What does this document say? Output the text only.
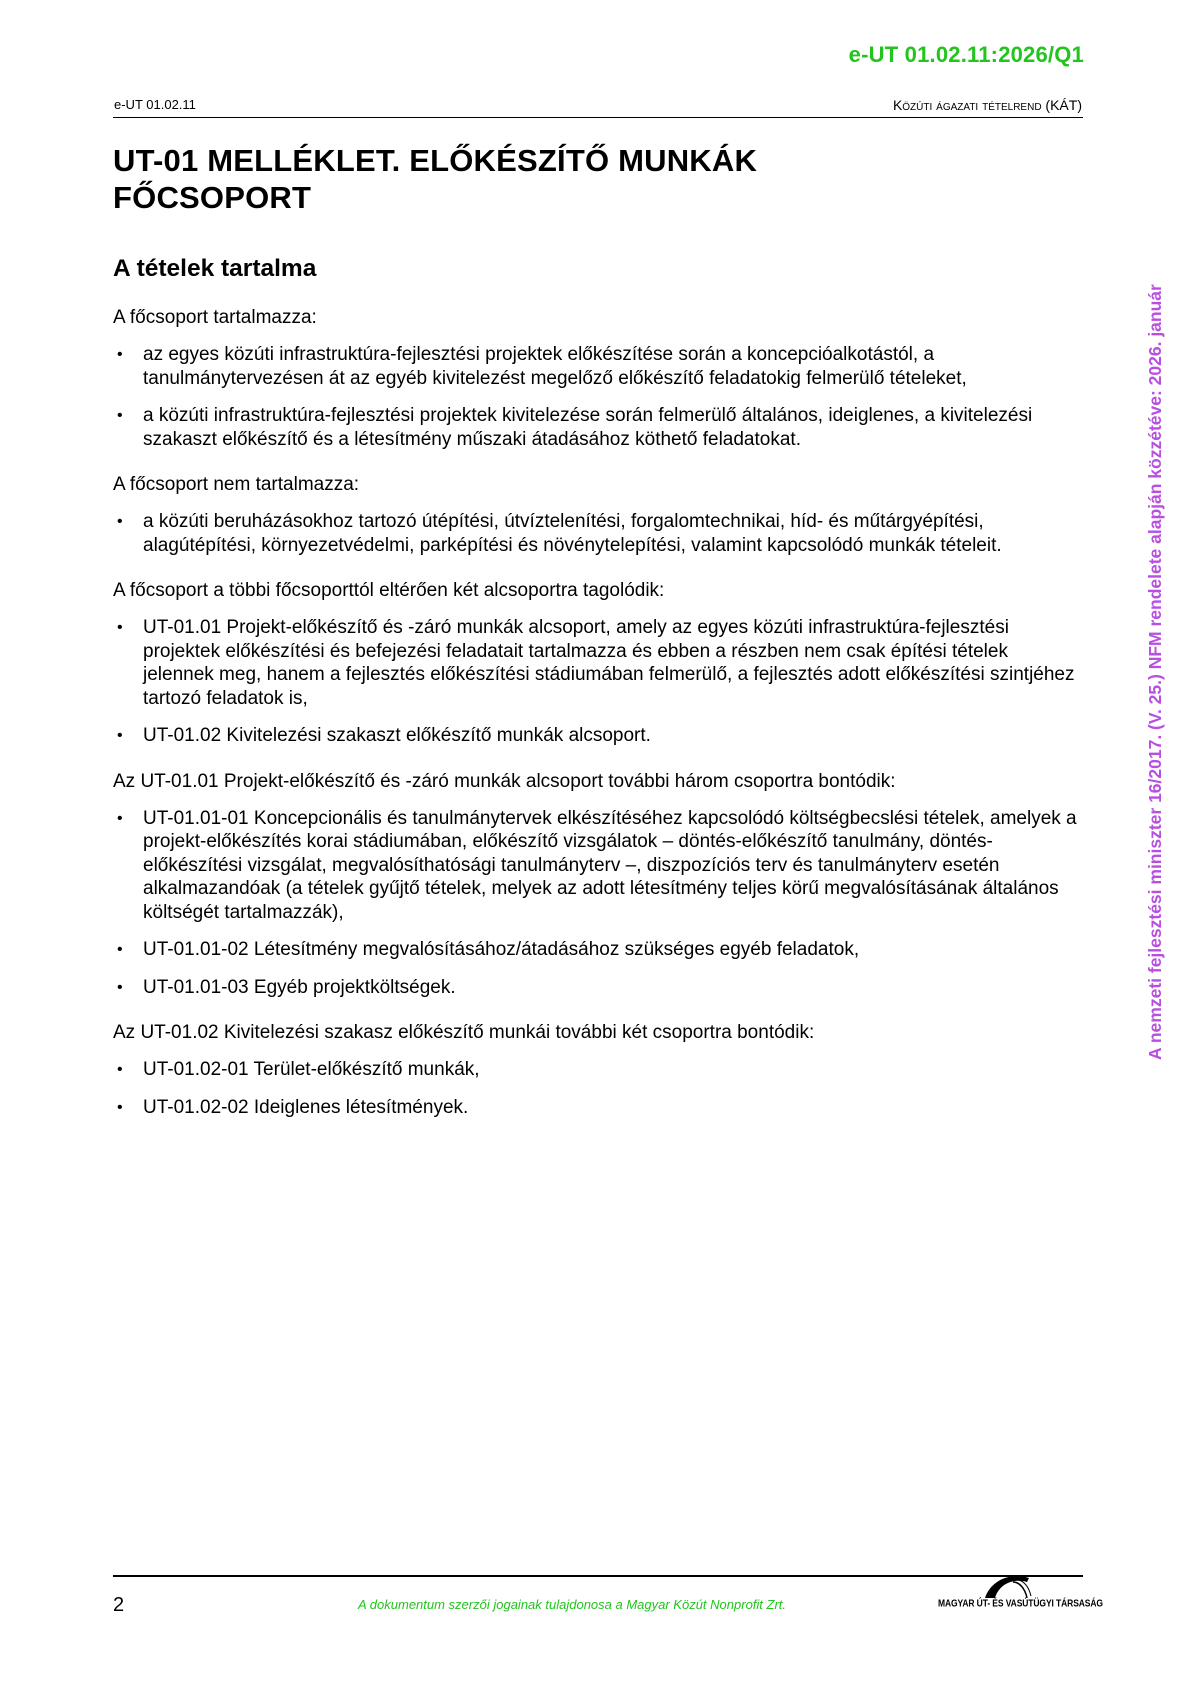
e-UT 01.02.11:2026/Q1
e-UT 01.02.11	Közúti ágazati tételrend (KÁT)
A nemzeti fejlesztési miniszter 16/2017. (V. 25.) NFM rendelete alapján közzétéve: 2026. január
UT-01 MELLÉKLET. ELŐKÉSZÍTŐ MUNKÁK
FŐCSOPORT
A tételek tartalma

A főcsoport tartalmazza:

• az egyes közúti infrastruktúra-fejlesztési projektek előkészítése során a koncepcióalkotástól, a tanulmánytervezésen át az egyéb kivitelezést megelőző előkészítő feladatokig felmerülő tételeket,
• a közúti infrastruktúra-fejlesztési projektek kivitelezése során felmerülő általános, ideiglenes, a kivitelezési szakaszt előkészítő és a létesítmény műszaki átadásához köthető feladatokat.

A főcsoport nem tartalmazza:

• a közúti beruházásokhoz tartozó útépítési, útvíztelenítési, forgalomtechnikai, híd- és műtárgyépítési, alagútépítési, környezetvédelmi, parképítési és növénytelepítési, valamint kapcsolódó munkák tételeit.

A főcsoport a többi főcsoporttól eltérően két alcsoportra tagolódik:

• UT-01.01 Projekt-előkészítő és -záró munkák alcsoport, amely az egyes közúti infrastruktúra-fejlesztési projektek előkészítési és befejezési feladatait tartalmazza és ebben a részben nem csak építési tételek jelennek meg, hanem a fejlesztés előkészítési stádiumában felmerülő, a fejlesztés adott előkészítési szintjéhez tartozó feladatok is,
• UT-01.02 Kivitelezési szakaszt előkészítő munkák alcsoport.

Az UT-01.01 Projekt-előkészítő és -záró munkák alcsoport további három csoportra bontódik:

• UT-01.01-01 Koncepcionális és tanulmánytervek elkészítéséhez kapcsolódó költségbecslési tételek, amelyek a projekt-előkészítés korai stádiumában, előkészítő vizsgálatok – döntés-előkészítő tanulmány, döntés-előkészítési vizsgálat, megvalósíthatósági tanulmányterv –, diszpozíciós terv és tanulmányterv esetén alkalmazandóak (a tételek gyűjtő tételek, melyek az adott létesítmény teljes körű megvalósításának általános költségét tartalmazzák),
• UT-01.01-02 Létesítmény megvalósításához/átadásához szükséges egyéb feladatok,
• UT-01.01-03 Egyéb projektköltségek.

Az UT-01.02 Kivitelezési szakasz előkészítő munkái további két csoportra bontódik:

• UT-01.02-01 Terület-előkészítő munkák,
• UT-01.02-02 Ideiglenes létesítmények.
2	A dokumentum szerzői jogainak tulajdonosa a Magyar Közút Nonprofit Zrt.	MAGYAR ÚT- ÉS VASÚTÜGYI TÁRSASÁG
